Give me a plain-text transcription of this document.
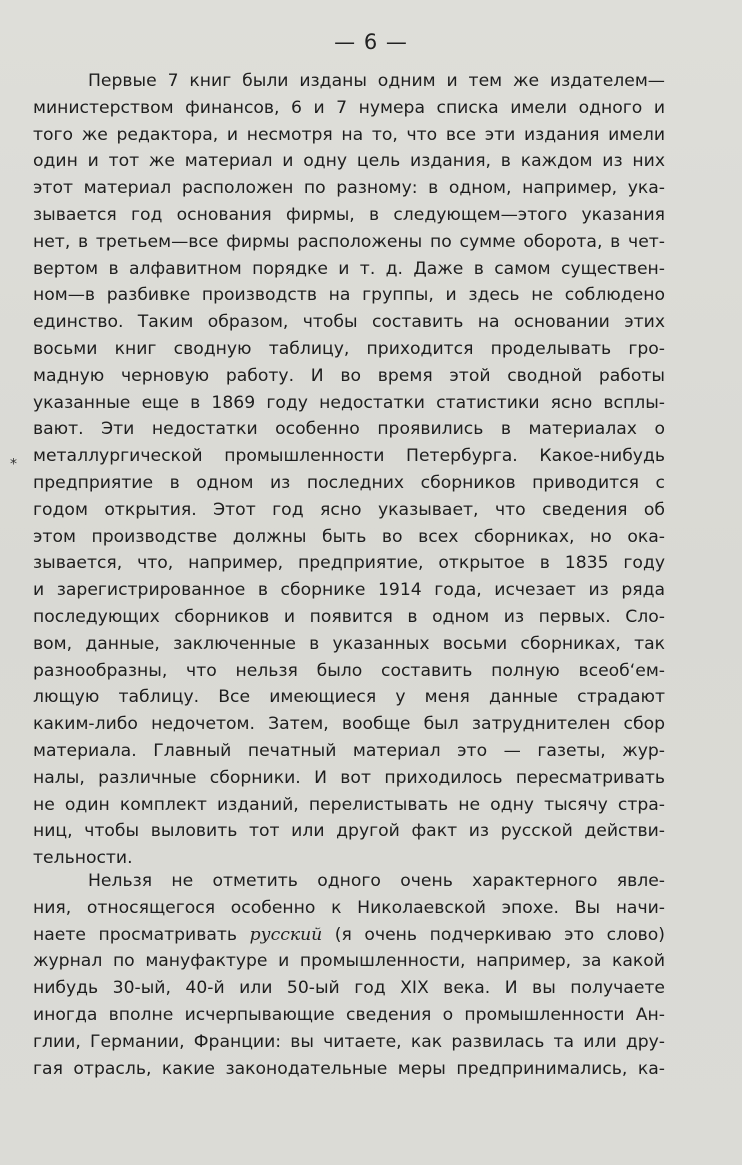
— 6 —
Первые 7 книг были изданы одним и тем же издателем—
министерством финансов, 6 и 7 нумера списка имели одного и
того же редактора, и несмотря на то, что все эти издания имели
один и тот же материал и одну цель издания, в каждом из них
этот материал расположен по разному: в одном, например, ука-
зывается год основания фирмы, в следующем—этого указания
нет, в третьем—все фирмы расположены по сумме оборота, в чет-
вертом в алфавитном порядке и т. д. Даже в самом существен-
ном—в разбивке производств на группы, и здесь не соблюдено
единство. Таким образом, чтобы составить на основании этих
восьми книг сводную таблицу, приходится проделывать гро-
мадную черновую работу. И во время этой сводной работы
указанные еще в 1869 году недостатки статистики ясно всплы-
вают. Эти недостатки особенно проявились в материалах о
металлургической промышленности Петербурга. Какое-нибудь
предприятие в одном из последних сборников приводится с
годом открытия. Этот год ясно указывает, что сведения об
этом производстве должны быть во всех сборниках, но ока-
зывается, что, например, предприятие, открытое в 1835 году
и зарегистрированное в сборнике 1914 года, исчезает из ряда
последующих сборников и появится в одном из первых. Сло-
вом, данные, заключенные в указанных восьми сборниках, так
разнообразны, что нельзя было составить полную всеоб‘ем-
лющую таблицу. Все имеющиеся у меня данные страдают
каким-либо недочетом. Затем, вообще был затруднителен сбор
материала. Главный печатный материал это — газеты, жур-
налы, различные сборники. И вот приходилось пересматривать
не один комплект изданий, перелистывать не одну тысячу стра-
ниц, чтобы выловить тот или другой факт из русской действи-
тельности.
Нельзя не отметить одного очень характерного явле-
ния, относящегося особенно к Николаевской эпохе. Вы начи-
наете просматривать русский (я очень подчеркиваю это слово)
журнал по мануфактуре и промышленности, например, за какой
нибудь 30-ый, 40-й или 50-ый год XIX века. И вы получаете
иногда вполне исчерпывающие сведения о промышленности Ан-
глии, Германии, Франции: вы читаете, как развилась та или дру-
гая отрасль, какие законодательные меры предпринимались, ка-
⁎
